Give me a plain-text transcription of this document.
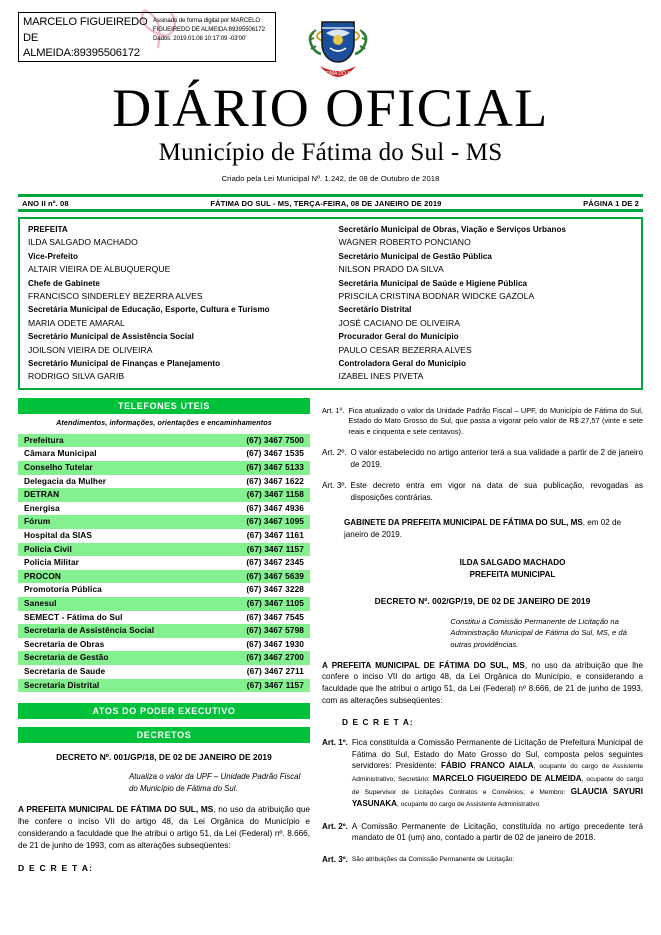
MARCELO FIGUEIREDO DE ALMEIDA:89395506172
Assinado de forma digital por MARCELO FIGUEIREDO DE ALMEIDA:89395506172 Dados: 2019.01.08 10:17:09 -03'00'
FÁTIMA DO SUL
DIÁRIO OFICIAL
Município de Fátima do Sul - MS
Criado pela Lei Municipal Nº. 1.242, de 08 de Outubro de 2018
ANO II nº. 08	FÁTIMA DO SUL - MS, TERÇA-FEIRA, 08 DE JANEIRO DE 2019	PÁGINA 1 DE 2
PREFEITA
ILDA SALGADO MACHADO
Vice-Prefeito
ALTAIR VIEIRA DE ALBUQUERQUE
Chefe de Gabinete
FRANCISCO SINDERLEY BEZERRA ALVES
Secretária Municipal de Educação, Esporte, Cultura e Turismo
MARIA ODETE AMARAL
Secretário Municipal de Assistência Social
JOILSON VIEIRA DE OLIVEIRA
Secretário Municipal de Finanças e Planejamento
RODRIGO SILVA GARIB
Secretário Municipal de Obras, Viação e Serviços Urbanos
WAGNER ROBERTO PONCIANO
Secretário Municipal de Gestão Pública
NILSON PRADO DA SILVA
Secretária Municipal de Saúde e Higiene Pública
PRISCILA CRISTINA BODNAR WIDCKE GAZOLA
Secretário Distrital
JOSÉ CACIANO DE OLIVEIRA
Procurador Geral do Município
PAULO CESAR BEZERRA ALVES
Controladora Geral do Município
IZABEL INES PIVETA
TELEFONES UTEIS
Atendimentos, informações, orientações e encaminhamentos
Prefeitura	(67) 3467 7500
Câmara Municipal	(67) 3467 1535
Conselho Tutelar	(67) 3467 5133
Delegacia da Mulher	(67) 3467 1622
DETRAN	(67) 3467 1158
Energisa	(67) 3467 4936
Fórum	(67) 3467 1095
Hospital da SIAS	(67) 3467 1161
Policia Civil	(67) 3467 1157
Policia Militar	(67) 3467 2345
PROCON	(67) 3467 5639
Promotoria Pública	(67) 3467 3228
Sanesul	(67) 3467 1105
SEMECT - Fátima do Sul	(67) 3467 7545
Secretaria de Assistência Social	(67) 3467 5798
Secretaria de Obras	(67) 3467 1930
Secretaria de Gestão	(67) 3467 2700
Secretaria de Saude	(67) 3467 2711
Secretaria Distrital	(67) 3467 1157
ATOS DO PODER EXECUTIVO
DECRETOS
DECRETO Nº. 001/GP/18, DE 02 DE JANEIRO DE 2019
Atualiza o valor da UPF – Unidade Padrão Fiscal do Município de Fátima do Sul.
A PREFEITA MUNICIPAL DE FÁTIMA DO SUL, MS, no uso da atribuição que lhe confere o inciso VII do artigo 48, da Lei Orgânica do Município e considerando a faculdade que lhe atribui o artigo 51, da Lei (Federal) nº. 8.666, de 21 de junho de 1993, com as alterações subseqüentes:
D E C R E T A:
Art. 1º. Fica atualizado o valor da Unidade Padrão Fiscal – UPF, do Município de Fátima do Sul, Estado do Mato Grosso do Sul, que passa a vigorar pelo valor de R$ 27,57 (vinte e sete reais e cinquenta e sete centavos).
Art. 2º. O valor estabelecido no artigo anterior terá a sua validade a partir de 2 de janeiro de 2019.
Art. 3º. Este decreto entra em vigor na data de sua publicação, revogadas as disposições contrárias.
GABINETE DA PREFEITA MUNICIPAL DE FÁTIMA DO SUL, MS, em 02 de janeiro de 2019.
ILDA SALGADO MACHADO
PREFEITA MUNICIPAL
DECRETO Nº. 002/GP/19, DE 02 DE JANEIRO DE 2019
Constitui a Comissão Permanente de Licitação na Administração Municipal de Fátima do Sul, MS, e dá outras providências.
A PREFEITA MUNICIPAL DE FÁTIMA DO SUL, MS, no uso da atribuição que lhe confere o inciso VII do artigo 48, da Lei Orgânica do Município, e considerando a faculdade que lhe atribui o artigo 51, da Lei (Federal) nº 8.666, de 21 de junho de 1993, com as alterações subseqüentes:
D E C R E T A:
Art. 1º. Fica constituída a Comissão Permanente de Licitação de Prefeitura Municipal de Fátima do Sul, Estado do Mato Grosso do Sul, composta pelos seguintes servidores: Presidente: FÁBIO FRANCO AIALA, ocupante do cargo de Assistente Administrativo; Secretário: MARCELO FIGUEIREDO DE ALMEIDA, ocupante do cargo de Supervisor de Licitações Contratos e Convênios; e Membro: GLAUCIA SAYURI YASUNAKA, ocupante do cargo de Assistente Administrativo
Art. 2º. A Comissão Permanente de Licitação, constituída no artigo precedente terá mandato de 01 (um) ano, contado a partir de 02 de janeiro de 2018.
Art. 3º. São atribuições da Comissão Permanente de Licitação:
